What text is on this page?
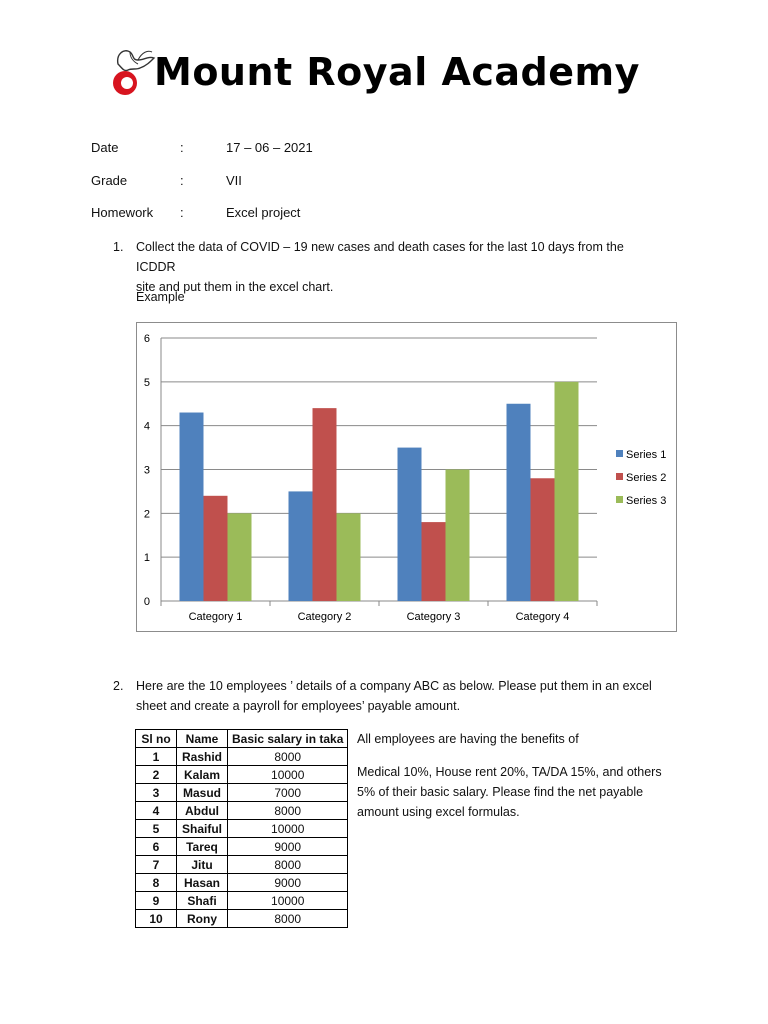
Mount Royal Academy
Date	:	17 – 06 – 2021
Grade	:	VII
Homework :	Excel project
1. Collect the data of COVID – 19 new cases and death cases for the last 10 days from the ICDDR
site and put them in the excel chart.
Example
0
1
2
3
4
5
6
Category 1	Category 2	Category 3	Category 4
Series 1
Series 2
Series 3
2. Here are the 10 employees ’ details of a company ABC as below. Please put them in an excel
sheet and create a payroll for employees’ payable amount.
Sl no	Name	Basic salary in taka
1	Rashid	8000
2	Kalam	10000
3	Masud	7000
4	Abdul	8000
5	Shaiful	10000
6	Tareq	9000
7	Jitu	8000
8	Hasan	9000
9	Shafi	10000
10	Rony	8000
All employees are having the benefits of
Medical 10%, House rent 20%, TA/DA 15%, and others
5% of their basic salary. Please find the net payable
amount using excel formulas.
